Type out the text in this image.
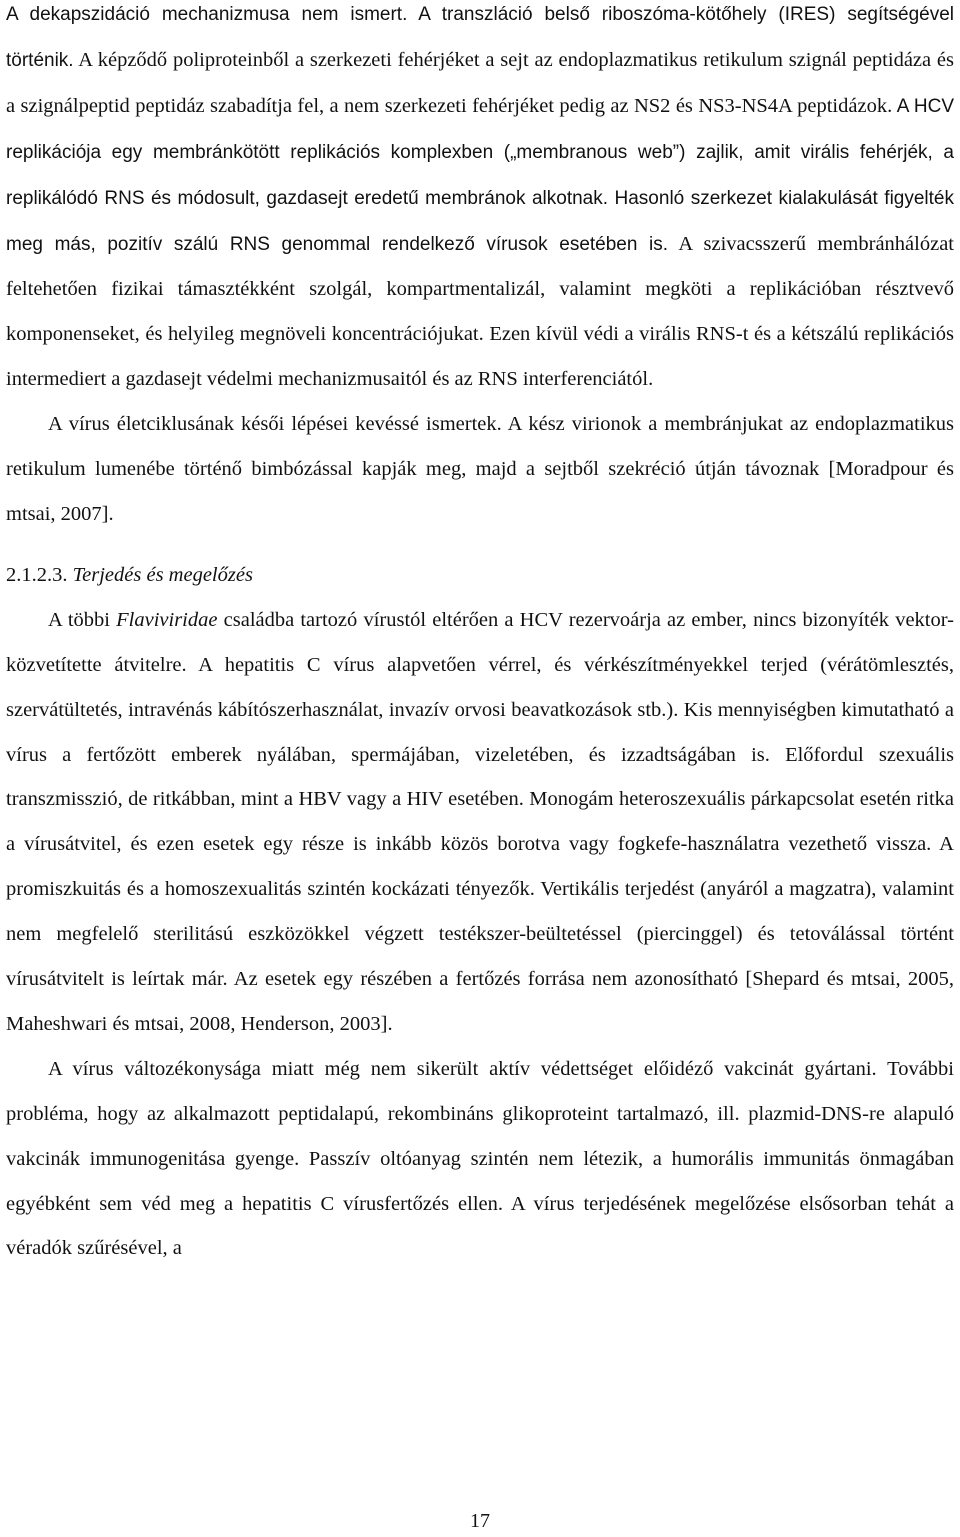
A dekapszidáció mechanizmusa nem ismert. A transzláció belső riboszóma-kötőhely (IRES) segítségével történik. A képződő poliproteinből a szerkezeti fehérjéket a sejt az endoplazmatikus retikulum szignál peptidáza és a szignálpeptid peptidáz szabadítja fel, a nem szerkezeti fehérjéket pedig az NS2 és NS3-NS4A peptidázok. A HCV replikációja egy membránkötött replikációs komplexben („membranous web”) zajlik, amit virális fehérjék, a replikálódó RNS és módosult, gazdasejt eredetű membránok alkotnak. Hasonló szerkezet kialakulását figyelték meg más, pozitív szálú RNS genommal rendelkező vírusok esetében is. A szivacsszerű membránhálózat feltehetően fizikai támasztékként szolgál, kompartmentalizál, valamint megköti a replikációban résztvevő komponenseket, és helyileg megnöveli koncentrációjukat. Ezen kívül védi a virális RNS-t és a kétszálú replikációs intermediert a gazdasejt védelmi mechanizmusaitól és az RNS interferenciától.

A vírus életciklusának késői lépései kevéssé ismertek. A kész virionok a membránjukat az endoplazmatikus retikulum lumenébe történő bimbózással kapják meg, majd a sejtből szekréció útján távoznak [Moradpour és mtsai, 2007].

2.1.2.3. Terjedés és megelőzés

A többi Flaviviridae családba tartozó vírustól eltérően a HCV rezervoárja az ember, nincs bizonyíték vektor-közvetítette átvitelre. A hepatitis C vírus alapvetően vérrel, és vérkészítményekkel terjed (vérátömlesztés, szervátültetés, intravénás kábítószerhasználat, invazív orvosi beavatkozások stb.). Kis mennyiségben kimutatható a vírus a fertőzött emberek nyálában, spermájában, vizeletében, és izzadtságában is. Előfordul szexuális transzmisszió, de ritkábban, mint a HBV vagy a HIV esetében. Monogám heteroszexuális párkapcsolat esetén ritka a vírusátvitel, és ezen esetek egy része is inkább közös borotva vagy fogkefe-használatra vezethető vissza. A promiszkuitás és a homoszexualitás szintén kockázati tényezők. Vertikális terjedést (anyáról a magzatra), valamint nem megfelelő sterilitású eszközökkel végzett testékszer-beültetéssel (piercinggel) és tetoválással történt vírusátvitelt is leírtak már. Az esetek egy részében a fertőzés forrása nem azonosítható [Shepard és mtsai, 2005, Maheshwari és mtsai, 2008, Henderson, 2003].

A vírus változékonysága miatt még nem sikerült aktív védettséget előidéző vakcinát gyártani. További probléma, hogy az alkalmazott peptidalapú, rekombináns glikoproteint tartalmazó, ill. plazmid-DNS-re alapuló vakcinák immunogenitása gyenge. Passzív oltóanyag szintén nem létezik, a humorális immunitás önmagában egyébként sem véd meg a hepatitis C vírusfertőzés ellen. A vírus terjedésének megelőzése elsősorban tehát a véradók szűrésével, a

17
